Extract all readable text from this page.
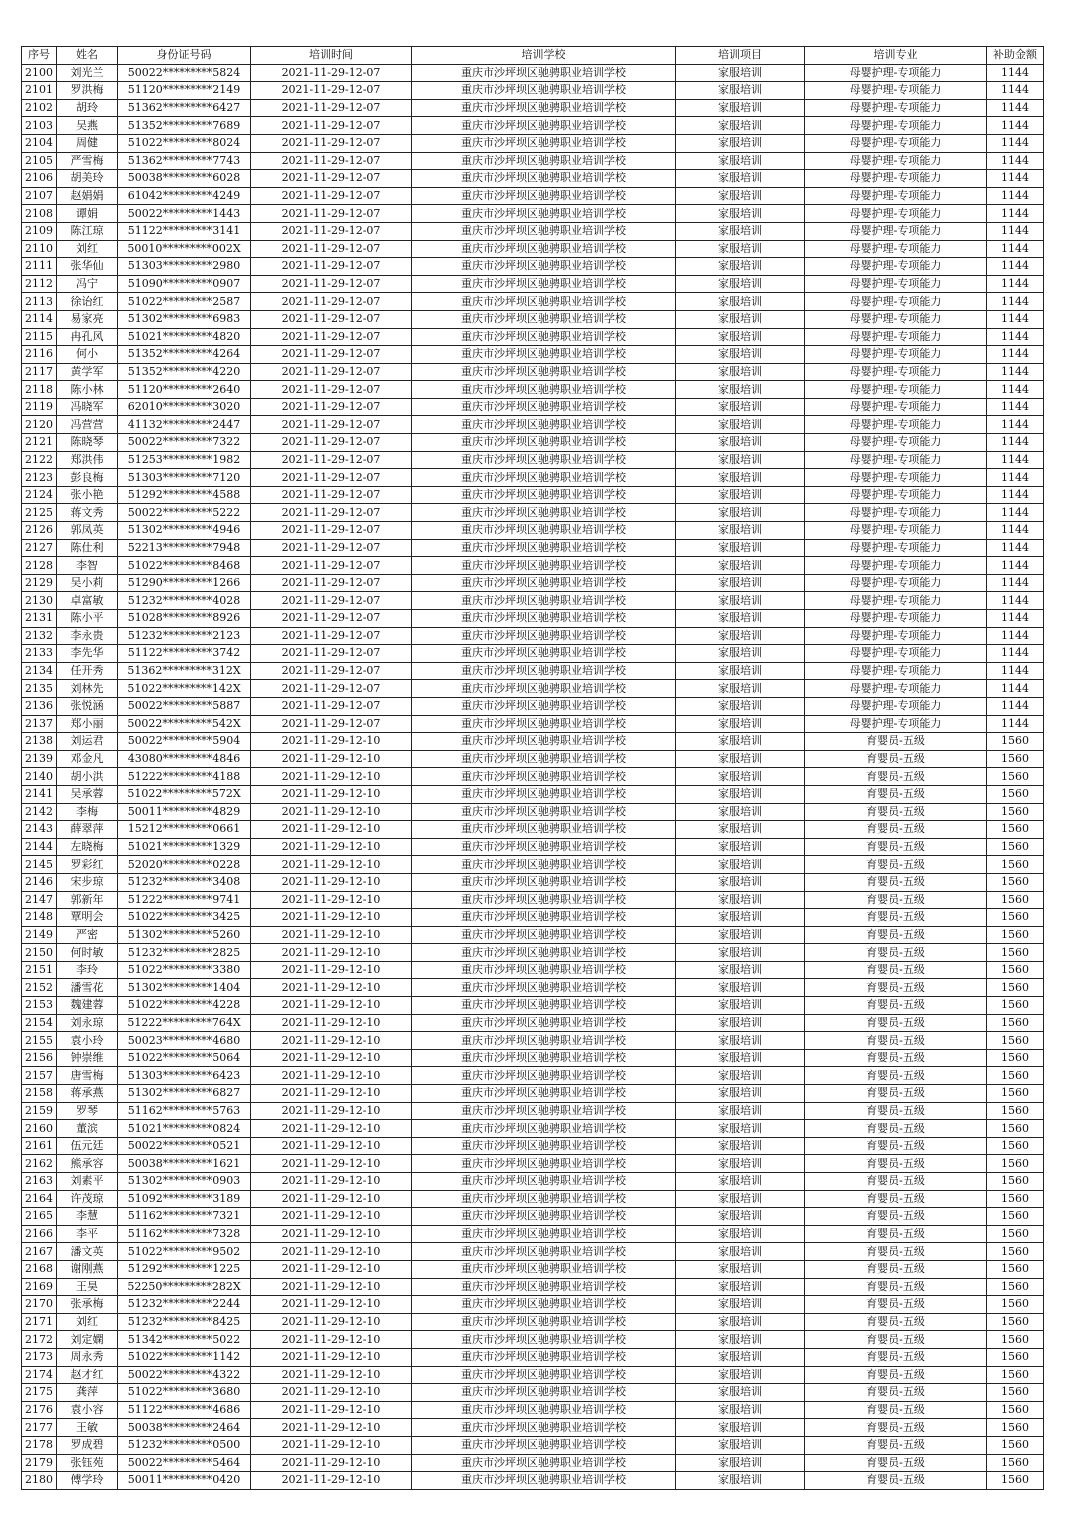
序号	姓名	身份证号码	培训时间	培训学校	培训项目	培训专业	补助金额
2100	刘光兰	50022*********5824	2021-11-29-12-07	重庆市沙坪坝区驰骋职业培训学校	家服培训	母婴护理-专项能力	1144
2101	罗洪梅	51120*********2149	2021-11-29-12-07	重庆市沙坪坝区驰骋职业培训学校	家服培训	母婴护理-专项能力	1144
2102	胡玲	51362*********6427	2021-11-29-12-07	重庆市沙坪坝区驰骋职业培训学校	家服培训	母婴护理-专项能力	1144
2103	吴燕	51352*********7689	2021-11-29-12-07	重庆市沙坪坝区驰骋职业培训学校	家服培训	母婴护理-专项能力	1144
2104	周健	51022*********8024	2021-11-29-12-07	重庆市沙坪坝区驰骋职业培训学校	家服培训	母婴护理-专项能力	1144
2105	严雪梅	51362*********7743	2021-11-29-12-07	重庆市沙坪坝区驰骋职业培训学校	家服培训	母婴护理-专项能力	1144
2106	胡美玲	50038*********6028	2021-11-29-12-07	重庆市沙坪坝区驰骋职业培训学校	家服培训	母婴护理-专项能力	1144
2107	赵娟娟	61042*********4249	2021-11-29-12-07	重庆市沙坪坝区驰骋职业培训学校	家服培训	母婴护理-专项能力	1144
2108	谭娟	50022*********1443	2021-11-29-12-07	重庆市沙坪坝区驰骋职业培训学校	家服培训	母婴护理-专项能力	1144
2109	陈江琼	51122*********3141	2021-11-29-12-07	重庆市沙坪坝区驰骋职业培训学校	家服培训	母婴护理-专项能力	1144
2110	刘红	50010*********002X	2021-11-29-12-07	重庆市沙坪坝区驰骋职业培训学校	家服培训	母婴护理-专项能力	1144
2111	张华仙	51303*********2980	2021-11-29-12-07	重庆市沙坪坝区驰骋职业培训学校	家服培训	母婴护理-专项能力	1144
2112	冯宁	51090*********0907	2021-11-29-12-07	重庆市沙坪坝区驰骋职业培训学校	家服培训	母婴护理-专项能力	1144
2113	徐诒红	51022*********2587	2021-11-29-12-07	重庆市沙坪坝区驰骋职业培训学校	家服培训	母婴护理-专项能力	1144
2114	易家亮	51302*********6983	2021-11-29-12-07	重庆市沙坪坝区驰骋职业培训学校	家服培训	母婴护理-专项能力	1144
2115	冉孔风	51021*********4820	2021-11-29-12-07	重庆市沙坪坝区驰骋职业培训学校	家服培训	母婴护理-专项能力	1144
2116	何小	51352*********4264	2021-11-29-12-07	重庆市沙坪坝区驰骋职业培训学校	家服培训	母婴护理-专项能力	1144
2117	黄学军	51352*********4220	2021-11-29-12-07	重庆市沙坪坝区驰骋职业培训学校	家服培训	母婴护理-专项能力	1144
2118	陈小林	51120*********2640	2021-11-29-12-07	重庆市沙坪坝区驰骋职业培训学校	家服培训	母婴护理-专项能力	1144
2119	冯晓军	62010*********3020	2021-11-29-12-07	重庆市沙坪坝区驰骋职业培训学校	家服培训	母婴护理-专项能力	1144
2120	冯营营	41132*********2447	2021-11-29-12-07	重庆市沙坪坝区驰骋职业培训学校	家服培训	母婴护理-专项能力	1144
2121	陈晓琴	50022*********7322	2021-11-29-12-07	重庆市沙坪坝区驰骋职业培训学校	家服培训	母婴护理-专项能力	1144
2122	郑洪伟	51253*********1982	2021-11-29-12-07	重庆市沙坪坝区驰骋职业培训学校	家服培训	母婴护理-专项能力	1144
2123	彭良梅	51303*********7120	2021-11-29-12-07	重庆市沙坪坝区驰骋职业培训学校	家服培训	母婴护理-专项能力	1144
2124	张小艳	51292*********4588	2021-11-29-12-07	重庆市沙坪坝区驰骋职业培训学校	家服培训	母婴护理-专项能力	1144
2125	蒋文秀	50022*********5222	2021-11-29-12-07	重庆市沙坪坝区驰骋职业培训学校	家服培训	母婴护理-专项能力	1144
2126	郭凤英	51302*********4946	2021-11-29-12-07	重庆市沙坪坝区驰骋职业培训学校	家服培训	母婴护理-专项能力	1144
2127	陈仕利	52213*********7948	2021-11-29-12-07	重庆市沙坪坝区驰骋职业培训学校	家服培训	母婴护理-专项能力	1144
2128	李智	51022*********8468	2021-11-29-12-07	重庆市沙坪坝区驰骋职业培训学校	家服培训	母婴护理-专项能力	1144
2129	吴小莉	51290*********1266	2021-11-29-12-07	重庆市沙坪坝区驰骋职业培训学校	家服培训	母婴护理-专项能力	1144
2130	卓富敏	51232*********4028	2021-11-29-12-07	重庆市沙坪坝区驰骋职业培训学校	家服培训	母婴护理-专项能力	1144
2131	陈小平	51028*********8926	2021-11-29-12-07	重庆市沙坪坝区驰骋职业培训学校	家服培训	母婴护理-专项能力	1144
2132	李永贵	51232*********2123	2021-11-29-12-07	重庆市沙坪坝区驰骋职业培训学校	家服培训	母婴护理-专项能力	1144
2133	李先华	51122*********3742	2021-11-29-12-07	重庆市沙坪坝区驰骋职业培训学校	家服培训	母婴护理-专项能力	1144
2134	任开秀	51362*********312X	2021-11-29-12-07	重庆市沙坪坝区驰骋职业培训学校	家服培训	母婴护理-专项能力	1144
2135	刘林先	51022*********142X	2021-11-29-12-07	重庆市沙坪坝区驰骋职业培训学校	家服培训	母婴护理-专项能力	1144
2136	张悦涵	50022*********5887	2021-11-29-12-07	重庆市沙坪坝区驰骋职业培训学校	家服培训	母婴护理-专项能力	1144
2137	郑小丽	50022*********542X	2021-11-29-12-07	重庆市沙坪坝区驰骋职业培训学校	家服培训	母婴护理-专项能力	1144
2138	刘运君	50022*********5904	2021-11-29-12-10	重庆市沙坪坝区驰骋职业培训学校	家服培训	育婴员-五级	1560
2139	邓金凡	43080*********4846	2021-11-29-12-10	重庆市沙坪坝区驰骋职业培训学校	家服培训	育婴员-五级	1560
2140	胡小洪	51222*********4188	2021-11-29-12-10	重庆市沙坪坝区驰骋职业培训学校	家服培训	育婴员-五级	1560
2141	吴承蓉	51022*********572X	2021-11-29-12-10	重庆市沙坪坝区驰骋职业培训学校	家服培训	育婴员-五级	1560
2142	李梅	50011*********4829	2021-11-29-12-10	重庆市沙坪坝区驰骋职业培训学校	家服培训	育婴员-五级	1560
2143	薛翠萍	15212*********0661	2021-11-29-12-10	重庆市沙坪坝区驰骋职业培训学校	家服培训	育婴员-五级	1560
2144	左晓梅	51021*********1329	2021-11-29-12-10	重庆市沙坪坝区驰骋职业培训学校	家服培训	育婴员-五级	1560
2145	罗彩红	52020*********0228	2021-11-29-12-10	重庆市沙坪坝区驰骋职业培训学校	家服培训	育婴员-五级	1560
2146	宋步琼	51232*********3408	2021-11-29-12-10	重庆市沙坪坝区驰骋职业培训学校	家服培训	育婴员-五级	1560
2147	郭新年	51222*********9741	2021-11-29-12-10	重庆市沙坪坝区驰骋职业培训学校	家服培训	育婴员-五级	1560
2148	覃明会	51022*********3425	2021-11-29-12-10	重庆市沙坪坝区驰骋职业培训学校	家服培训	育婴员-五级	1560
2149	严密	51302*********5260	2021-11-29-12-10	重庆市沙坪坝区驰骋职业培训学校	家服培训	育婴员-五级	1560
2150	何时敏	51232*********2825	2021-11-29-12-10	重庆市沙坪坝区驰骋职业培训学校	家服培训	育婴员-五级	1560
2151	李玲	51022*********3380	2021-11-29-12-10	重庆市沙坪坝区驰骋职业培训学校	家服培训	育婴员-五级	1560
2152	潘雪花	51302*********1404	2021-11-29-12-10	重庆市沙坪坝区驰骋职业培训学校	家服培训	育婴员-五级	1560
2153	魏建蓉	51022*********4228	2021-11-29-12-10	重庆市沙坪坝区驰骋职业培训学校	家服培训	育婴员-五级	1560
2154	刘永琼	51222*********764X	2021-11-29-12-10	重庆市沙坪坝区驰骋职业培训学校	家服培训	育婴员-五级	1560
2155	袁小玲	50023*********4680	2021-11-29-12-10	重庆市沙坪坝区驰骋职业培训学校	家服培训	育婴员-五级	1560
2156	钟崇维	51022*********5064	2021-11-29-12-10	重庆市沙坪坝区驰骋职业培训学校	家服培训	育婴员-五级	1560
2157	唐雪梅	51303*********6423	2021-11-29-12-10	重庆市沙坪坝区驰骋职业培训学校	家服培训	育婴员-五级	1560
2158	蒋承燕	51302*********6827	2021-11-29-12-10	重庆市沙坪坝区驰骋职业培训学校	家服培训	育婴员-五级	1560
2159	罗琴	51162*********5763	2021-11-29-12-10	重庆市沙坪坝区驰骋职业培训学校	家服培训	育婴员-五级	1560
2160	董滨	51021*********0824	2021-11-29-12-10	重庆市沙坪坝区驰骋职业培训学校	家服培训	育婴员-五级	1560
2161	伍元廷	50022*********0521	2021-11-29-12-10	重庆市沙坪坝区驰骋职业培训学校	家服培训	育婴员-五级	1560
2162	熊承容	50038*********1621	2021-11-29-12-10	重庆市沙坪坝区驰骋职业培训学校	家服培训	育婴员-五级	1560
2163	刘素平	51302*********0903	2021-11-29-12-10	重庆市沙坪坝区驰骋职业培训学校	家服培训	育婴员-五级	1560
2164	许茂琼	51092*********3189	2021-11-29-12-10	重庆市沙坪坝区驰骋职业培训学校	家服培训	育婴员-五级	1560
2165	李慧	51162*********7321	2021-11-29-12-10	重庆市沙坪坝区驰骋职业培训学校	家服培训	育婴员-五级	1560
2166	李平	51162*********7328	2021-11-29-12-10	重庆市沙坪坝区驰骋职业培训学校	家服培训	育婴员-五级	1560
2167	潘文英	51022*********9502	2021-11-29-12-10	重庆市沙坪坝区驰骋职业培训学校	家服培训	育婴员-五级	1560
2168	谢刚燕	51292*********1225	2021-11-29-12-10	重庆市沙坪坝区驰骋职业培训学校	家服培训	育婴员-五级	1560
2169	王昊	52250*********282X	2021-11-29-12-10	重庆市沙坪坝区驰骋职业培训学校	家服培训	育婴员-五级	1560
2170	张承梅	51232*********2244	2021-11-29-12-10	重庆市沙坪坝区驰骋职业培训学校	家服培训	育婴员-五级	1560
2171	刘红	51232*********8425	2021-11-29-12-10	重庆市沙坪坝区驰骋职业培训学校	家服培训	育婴员-五级	1560
2172	刘定嫻	51342*********5022	2021-11-29-12-10	重庆市沙坪坝区驰骋职业培训学校	家服培训	育婴员-五级	1560
2173	周永秀	51022*********1142	2021-11-29-12-10	重庆市沙坪坝区驰骋职业培训学校	家服培训	育婴员-五级	1560
2174	赵才红	50022*********4322	2021-11-29-12-10	重庆市沙坪坝区驰骋职业培训学校	家服培训	育婴员-五级	1560
2175	龚萍	51022*********3680	2021-11-29-12-10	重庆市沙坪坝区驰骋职业培训学校	家服培训	育婴员-五级	1560
2176	袁小容	51122*********4686	2021-11-29-12-10	重庆市沙坪坝区驰骋职业培训学校	家服培训	育婴员-五级	1560
2177	王敏	50038*********2464	2021-11-29-12-10	重庆市沙坪坝区驰骋职业培训学校	家服培训	育婴员-五级	1560
2178	罗成碧	51232*********0500	2021-11-29-12-10	重庆市沙坪坝区驰骋职业培训学校	家服培训	育婴员-五级	1560
2179	张钰苑	50022*********5464	2021-11-29-12-10	重庆市沙坪坝区驰骋职业培训学校	家服培训	育婴员-五级	1560
2180	傅学玲	50011*********0420	2021-11-29-12-10	重庆市沙坪坝区驰骋职业培训学校	家服培训	育婴员-五级	1560
